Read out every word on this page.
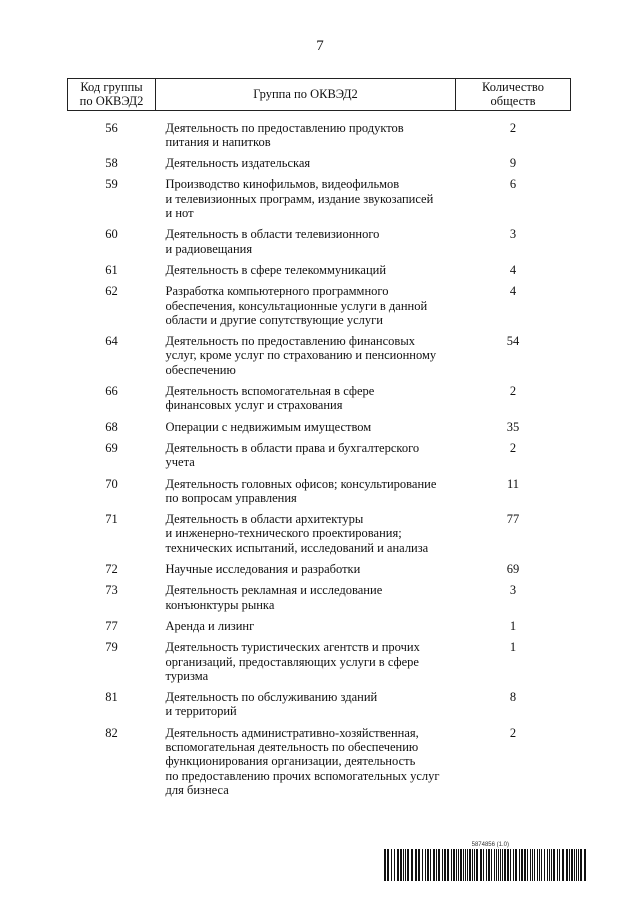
7
Код группы
по ОКВЭД2	Группа по ОКВЭД2	Количество
обществ
56	Деятельность по предоставлению продуктов
питания и напитков	2
58	Деятельность издательская	9
59	Производство кинофильмов, видеофильмов
и телевизионных программ, издание звукозаписей
и нот	6
60	Деятельность в области телевизионного
и радиовещания	3
61	Деятельность в сфере телекоммуникаций	4
62	Разработка компьютерного программного
обеспечения, консультационные услуги в данной
области и другие сопутствующие услуги	4
64	Деятельность по предоставлению финансовых
услуг, кроме услуг по страхованию и пенсионному
обеспечению	54
66	Деятельность вспомогательная в сфере
финансовых услуг и страхования	2
68	Операции с недвижимым имуществом	35
69	Деятельность в области права и бухгалтерского
учета	2
70	Деятельность головных офисов; консультирование
по вопросам управления	11
71	Деятельность в области архитектуры
и инженерно-технического проектирования;
технических испытаний, исследований и анализа	77
72	Научные исследования и разработки	69
73	Деятельность рекламная и исследование
конъюнктуры рынка	3
77	Аренда и лизинг	1
79	Деятельность туристических агентств и прочих
организаций, предоставляющих услуги в сфере
туризма	1
81	Деятельность по обслуживанию зданий
и территорий	8
82	Деятельность административно-хозяйственная,
вспомогательная деятельность по обеспечению
функционирования организации, деятельность
по предоставлению прочих вспомогательных услуг
для бизнеса	2
5874856 (1.0)
